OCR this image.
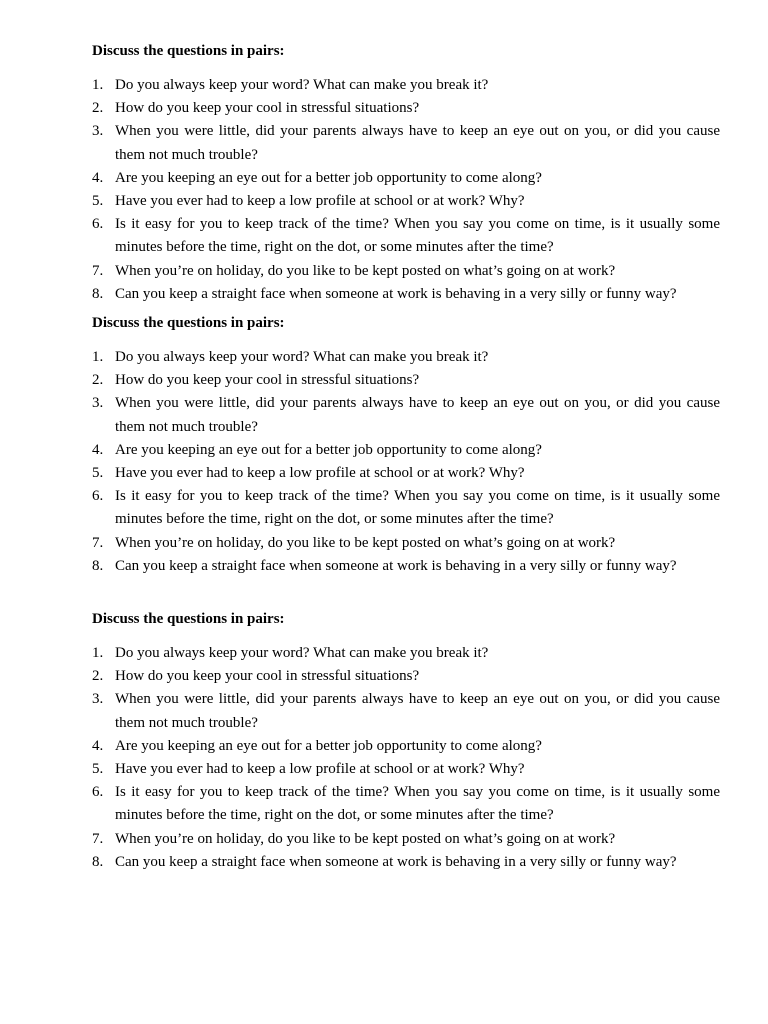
Discuss the questions in pairs:
1. Do you always keep your word? What can make you break it?
2. How do you keep your cool in stressful situations?
3. When you were little, did your parents always have to keep an eye out on you, or did you cause them not much trouble?
4. Are you keeping an eye out for a better job opportunity to come along?
5. Have you ever had to keep a low profile at school or at work? Why?
6. Is it easy for you to keep track of the time? When you say you come on time, is it usually some minutes before the time, right on the dot, or some minutes after the time?
7. When you’re on holiday, do you like to be kept posted on what’s going on at work?
8. Can you keep a straight face when someone at work is behaving in a very silly or funny way?
Discuss the questions in pairs:
1. Do you always keep your word? What can make you break it?
2. How do you keep your cool in stressful situations?
3. When you were little, did your parents always have to keep an eye out on you, or did you cause them not much trouble?
4. Are you keeping an eye out for a better job opportunity to come along?
5. Have you ever had to keep a low profile at school or at work? Why?
6. Is it easy for you to keep track of the time? When you say you come on time, is it usually some minutes before the time, right on the dot, or some minutes after the time?
7. When you’re on holiday, do you like to be kept posted on what’s going on at work?
8. Can you keep a straight face when someone at work is behaving in a very silly or funny way?
Discuss the questions in pairs:
1. Do you always keep your word? What can make you break it?
2. How do you keep your cool in stressful situations?
3. When you were little, did your parents always have to keep an eye out on you, or did you cause them not much trouble?
4. Are you keeping an eye out for a better job opportunity to come along?
5. Have you ever had to keep a low profile at school or at work? Why?
6. Is it easy for you to keep track of the time? When you say you come on time, is it usually some minutes before the time, right on the dot, or some minutes after the time?
7. When you’re on holiday, do you like to be kept posted on what’s going on at work?
8. Can you keep a straight face when someone at work is behaving in a very silly or funny way?
